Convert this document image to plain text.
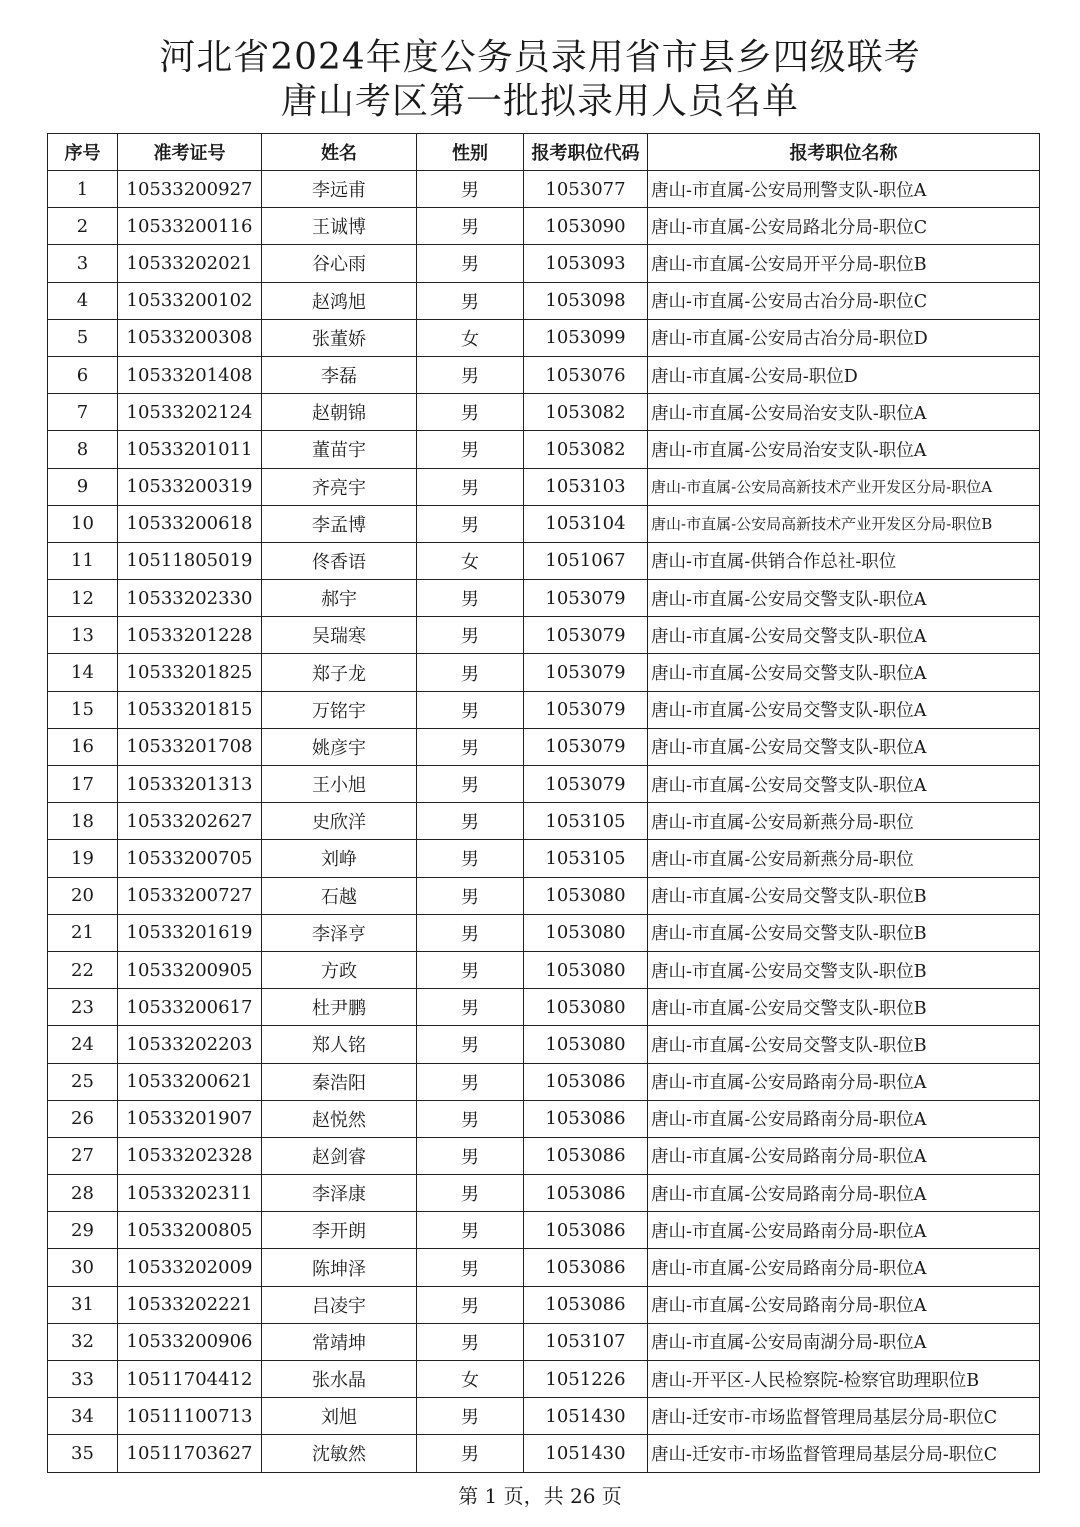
河北省2024年度公务员录用省市县乡四级联考
唐山考区第一批拟录用人员名单
序号	准考证号	姓名	性别	报考职位代码	报考职位名称
1	10533200927	李远甫	男	1053077	唐山-市直属-公安局刑警支队-职位A
2	10533200116	王诚博	男	1053090	唐山-市直属-公安局路北分局-职位C
3	10533202021	谷心雨	男	1053093	唐山-市直属-公安局开平分局-职位B
4	10533200102	赵鸿旭	男	1053098	唐山-市直属-公安局古冶分局-职位C
5	10533200308	张董娇	女	1053099	唐山-市直属-公安局古冶分局-职位D
6	10533201408	李磊	男	1053076	唐山-市直属-公安局-职位D
7	10533202124	赵朝锦	男	1053082	唐山-市直属-公安局治安支队-职位A
8	10533201011	董苗宇	男	1053082	唐山-市直属-公安局治安支队-职位A
9	10533200319	齐亮宇	男	1053103	唐山-市直属-公安局高新技术产业开发区分局-职位A
10	10533200618	李孟博	男	1053104	唐山-市直属-公安局高新技术产业开发区分局-职位B
11	10511805019	佟香语	女	1051067	唐山-市直属-供销合作总社-职位
12	10533202330	郝宇	男	1053079	唐山-市直属-公安局交警支队-职位A
13	10533201228	吴瑞寒	男	1053079	唐山-市直属-公安局交警支队-职位A
14	10533201825	郑子龙	男	1053079	唐山-市直属-公安局交警支队-职位A
15	10533201815	万铭宇	男	1053079	唐山-市直属-公安局交警支队-职位A
16	10533201708	姚彦宇	男	1053079	唐山-市直属-公安局交警支队-职位A
17	10533201313	王小旭	男	1053079	唐山-市直属-公安局交警支队-职位A
18	10533202627	史欣洋	男	1053105	唐山-市直属-公安局新燕分局-职位
19	10533200705	刘峥	男	1053105	唐山-市直属-公安局新燕分局-职位
20	10533200727	石越	男	1053080	唐山-市直属-公安局交警支队-职位B
21	10533201619	李泽亨	男	1053080	唐山-市直属-公安局交警支队-职位B
22	10533200905	方政	男	1053080	唐山-市直属-公安局交警支队-职位B
23	10533200617	杜尹鹏	男	1053080	唐山-市直属-公安局交警支队-职位B
24	10533202203	郑人铭	男	1053080	唐山-市直属-公安局交警支队-职位B
25	10533200621	秦浩阳	男	1053086	唐山-市直属-公安局路南分局-职位A
26	10533201907	赵悦然	男	1053086	唐山-市直属-公安局路南分局-职位A
27	10533202328	赵剑睿	男	1053086	唐山-市直属-公安局路南分局-职位A
28	10533202311	李泽康	男	1053086	唐山-市直属-公安局路南分局-职位A
29	10533200805	李开朗	男	1053086	唐山-市直属-公安局路南分局-职位A
30	10533202009	陈坤泽	男	1053086	唐山-市直属-公安局路南分局-职位A
31	10533202221	吕凌宇	男	1053086	唐山-市直属-公安局路南分局-职位A
32	10533200906	常靖坤	男	1053107	唐山-市直属-公安局南湖分局-职位A
33	10511704412	张水晶	女	1051226	唐山-开平区-人民检察院-检察官助理职位B
34	10511100713	刘旭	男	1051430	唐山-迁安市-市场监督管理局基层分局-职位C
35	10511703627	沈敏然	男	1051430	唐山-迁安市-市场监督管理局基层分局-职位C
第 1 页，共 26 页
